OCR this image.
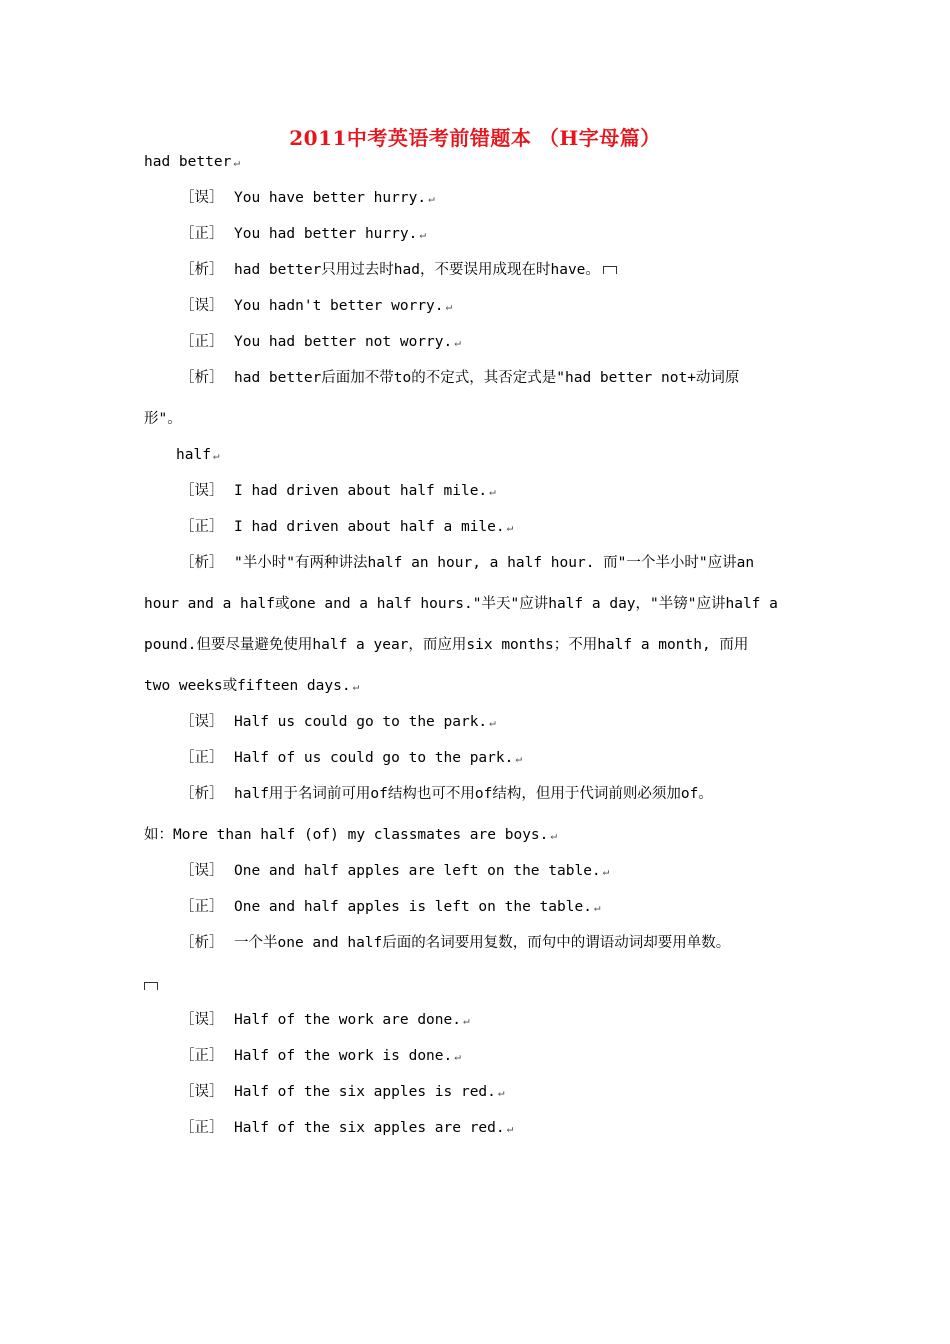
2011中考英语考前错题本 （H字母篇）
had better ↵
［误］ You have better hurry. ↵
［正］ You had better hurry. ↵
［析］ had better只用过去时had，不要误用成现在时have。
［误］ You hadn't better worry. ↵
［正］ You had better not worry. ↵
［析］ had better后面加不带to的不定式，其否定式是"had better not+动词原
形"。
half ↵
［误］ I had driven about half mile. ↵
［正］ I had driven about half a mile. ↵
［析］ "半小时"有两种讲法half an hour, a half hour. 而"一个半小时"应讲an
hour and a half或one and a half hours."半天"应讲half a day，"半镑"应讲half a
pound.但要尽量避免使用half a year，而应用six months；不用half a month, 而用
two weeks或fifteen days. ↵
［误］ Half us could go to the park. ↵
［正］ Half of us could go to the park. ↵
［析］ half用于名词前可用of结构也可不用of结构，但用于代词前则必须加of。
如：More than half (of) my classmates are boys. ↵
［误］ One and half apples are left on the table. ↵
［正］ One and half apples is left on the table. ↵
［析］ 一个半one and half后面的名词要用复数，而句中的谓语动词却要用单数。
［误］ Half of the work are done. ↵
［正］ Half of the work is done. ↵
［误］ Half of the six apples is red. ↵
［正］ Half of the six apples are red. ↵
